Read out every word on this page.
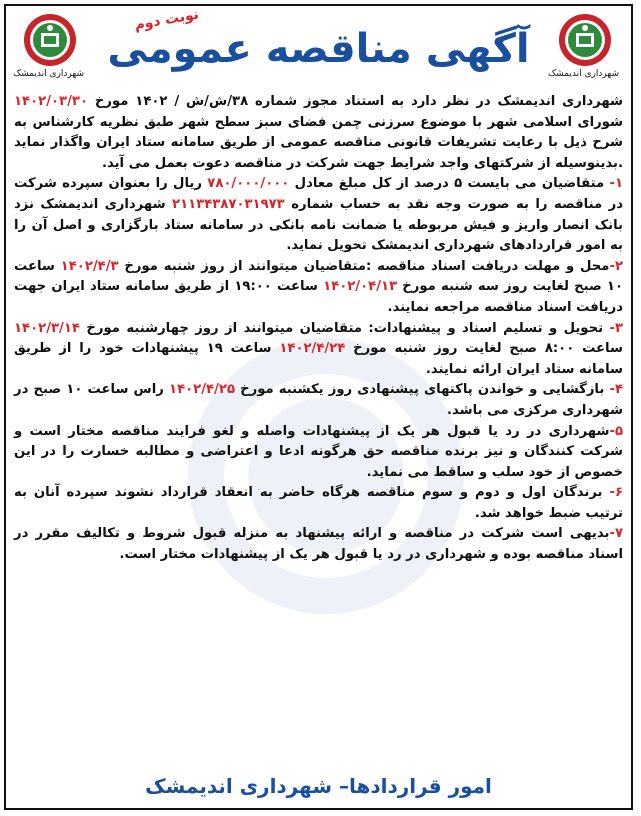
شهرداری اندیمشک
نوبت دوم
آگهی مناقصه عمومی
شهرداری اندیمشک

شهرداری اندیمشک در نظر دارد به استناد مجوز شماره ۳۸/ش/ش / ۱۴۰۲ مورخ ۱۴۰۲/۰۳/۳۰ شورای اسلامی شهر با موضوع سرزنی چمن فضای سبز سطح شهر طبق نظریه کارشناس به شرح ذیل با رعایت تشریفات قانونی مناقصه عمومی از طریق سامانه ستاد ایران واگذار نماید .بدینوسیله از شرکتهای واجد شرایط جهت شرکت در مناقصه دعوت بعمل می آید.

۱- متقاضیان می بایست ۵ درصد از کل مبلغ معادل ۷۸۰/۰۰۰/۰۰۰ ریال را بعنوان سپرده شرکت در مناقصه را به صورت وجه نقد به حساب شماره ۲۱۱۳۴۳۸۷۰۳۱۹۷۳ شهرداری اندیمشک نزد بانک انصار واریز و فیش مربوطه یا ضمانت نامه بانکی در سامانه ستاد بارگزاری و اصل آن را به امور قراردادهای شهرداری اندیمشک تحویل نماید.

۲-محل و مهلت دریافت اسناد مناقصه :متقاضیان میتوانند از روز شنبه مورخ ۱۴۰۲/۴/۳ ساعت ۱۰ صبح لغایت روز سه شنبه مورخ ۱۴۰۲/۰۴/۱۳ ساعت ۱۹:۰۰ از طریق سامانه ستاد ایران جهت دریافت اسناد مناقصه مراجعه نمایند.

۳- تحویل و تسلیم اسناد و پیشنهادات: متقاضیان میتوانند از روز چهارشنبه مورخ ۱۴۰۲/۳/۱۴ ساعت ۸:۰۰ صبح لغایت روز شنبه مورخ ۱۴۰۲/۴/۲۴ ساعت ۱۹ پیشنهادات خود را از طریق سامانه ستاد ایران ارائه نمایند.

۴- بازگشایی و خواندن پاکتهای پیشنهادی روز یکشنبه مورخ ۱۴۰۲/۴/۲۵ راس ساعت ۱۰ صبح در شهرداری مرکزی می باشد.

۵-شهرداری در رد یا قبول هر یک از پیشنهادات واصله و لغو فرایند مناقصه مختار است و شرکت کنندگان و نیز برنده مناقصه حق هرگونه ادعا و اعتراضی و مطالبه خسارت را در این خصوص از خود سلب و ساقط می نماید.

۶- برندگان اول و دوم و سوم مناقصه هرگاه حاضر به انعقاد قرارداد نشوند سپرده آنان به ترتیب ضبط خواهد شد.

۷-بدیهی است شرکت در مناقصه و ارائه پیشنهاد به منزله قبول شروط و تکالیف مقرر در اسناد مناقصه بوده و شهرداری در رد یا قبول هر یک از پیشنهادات مختار است.

امور قراردادها– شهرداری اندیمشک
